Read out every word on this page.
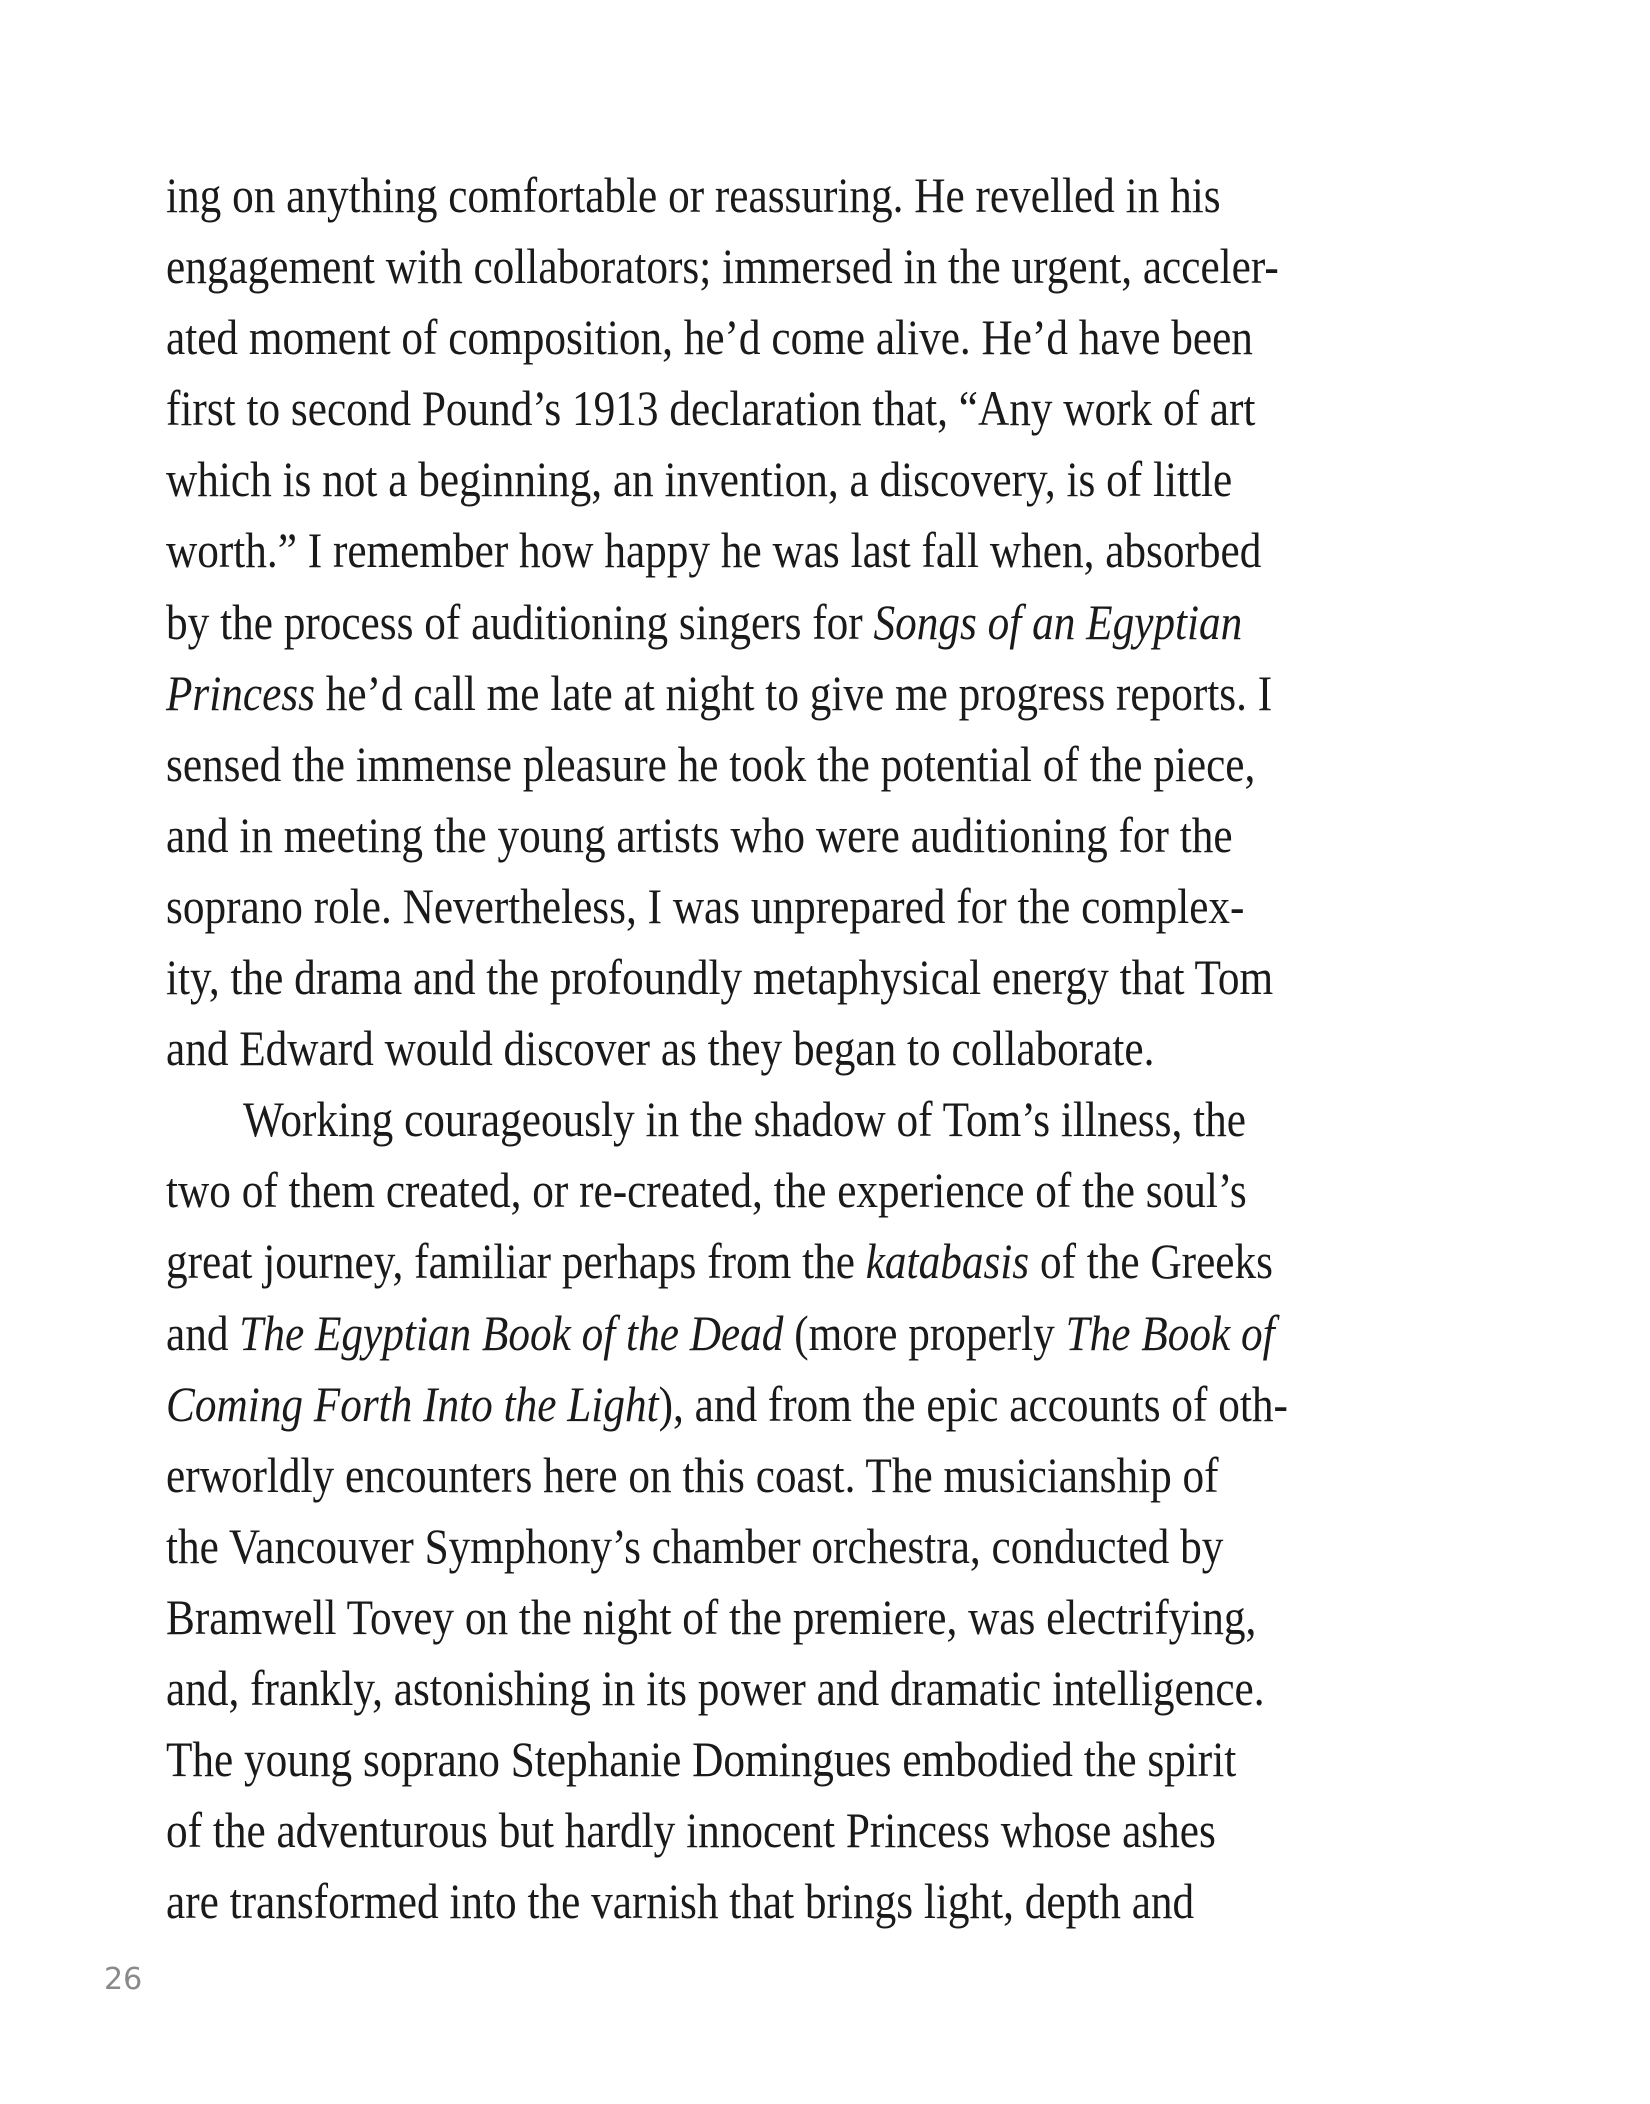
ing on anything comfortable or reassuring. He revelled in his
engagement with collaborators; immersed in the urgent, acceler-
ated moment of composition, he’d come alive. He’d have been
first to second Pound’s 1913 declaration that, “Any work of art
which is not a beginning, an invention, a discovery, is of little
worth.” I remember how happy he was last fall when, absorbed
by the process of auditioning singers for Songs of an Egyptian
Princess he’d call me late at night to give me progress reports. I
sensed the immense pleasure he took the potential of the piece,
and in meeting the young artists who were auditioning for the
soprano role. Nevertheless, I was unprepared for the complex-
ity, the drama and the profoundly metaphysical energy that Tom
and Edward would discover as they began to collaborate.
Working courageously in the shadow of Tom’s illness, the
two of them created, or re-created, the experience of the soul’s
great journey, familiar perhaps from the katabasis of the Greeks
and The Egyptian Book of the Dead (more properly The Book of
Coming Forth Into the Light), and from the epic accounts of oth-
erworldly encounters here on this coast. The musicianship of
the Vancouver Symphony’s chamber orchestra, conducted by
Bramwell Tovey on the night of the premiere, was electrifying,
and, frankly, astonishing in its power and dramatic intelligence.
The young soprano Stephanie Domingues embodied the spirit
of the adventurous but hardly innocent Princess whose ashes
are transformed into the varnish that brings light, depth and
26
